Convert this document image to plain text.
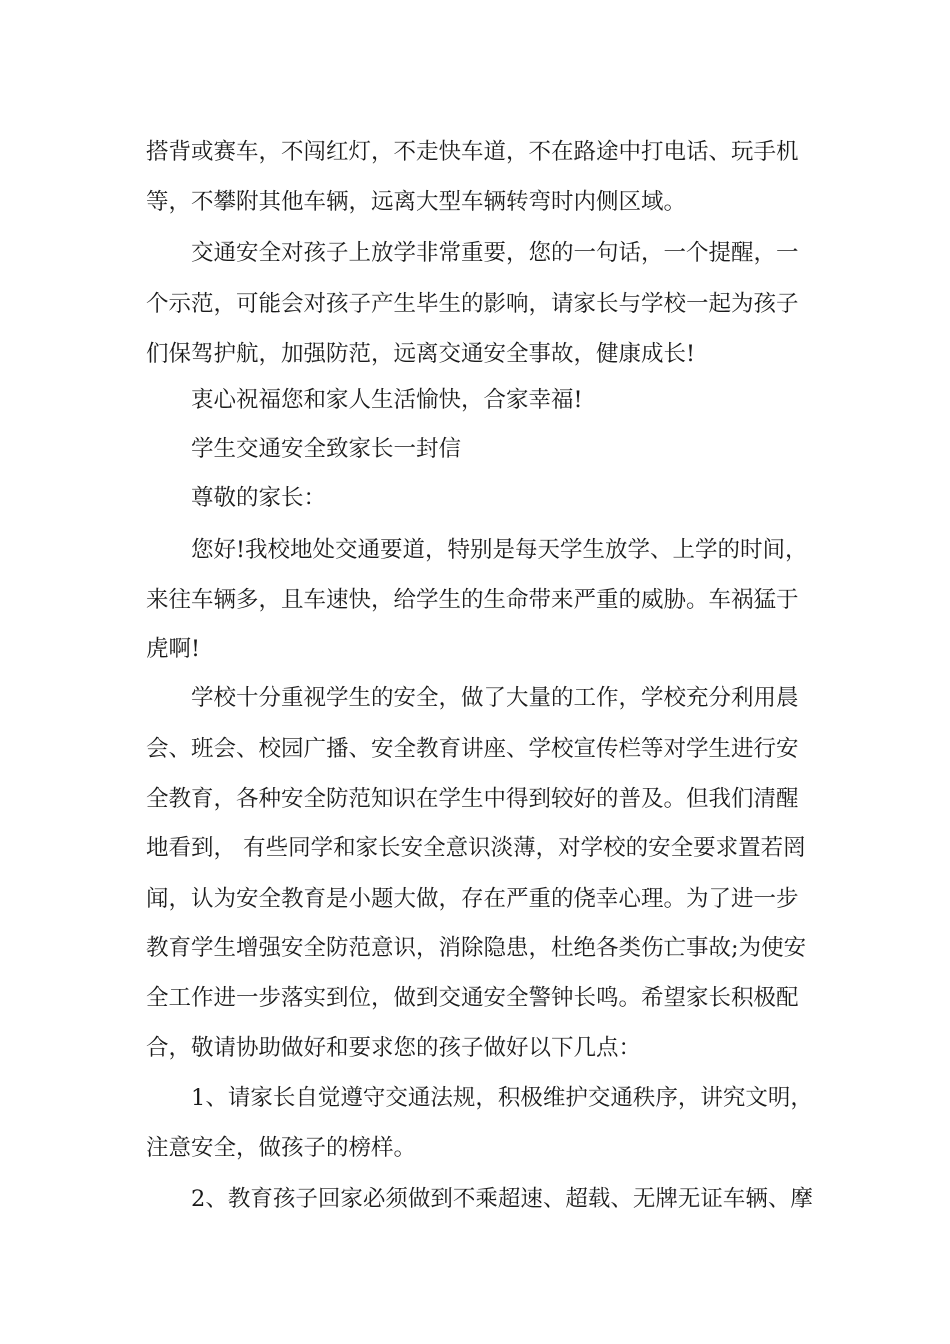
搭背或赛车，不闯红灯，不走快车道，不在路途中打电话、玩手机

等，不攀附其他车辆，远离大型车辆转弯时内侧区域。

交通安全对孩子上放学非常重要，您的一句话，一个提醒，一

个示范，可能会对孩子产生毕生的影响，请家长与学校一起为孩子

们保驾护航，加强防范，远离交通安全事故，健康成长!

衷心祝福您和家人生活愉快，合家幸福!

学生交通安全致家长一封信

尊敬的家长：

您好!我校地处交通要道，特别是每天学生放学、上学的时间，

来往车辆多，且车速快，给学生的生命带来严重的威胁。车祸猛于

虎啊!

学校十分重视学生的安全，做了大量的工作，学校充分利用晨

会、班会、校园广播、安全教育讲座、学校宣传栏等对学生进行安

全教育，各种安全防范知识在学生中得到较好的普及。但我们清醒

地看到， 有些同学和家长安全意识淡薄，对学校的安全要求置若罔

闻，认为安全教育是小题大做，存在严重的侥幸心理。为了进一步

教育学生增强安全防范意识，消除隐患，杜绝各类伤亡事故;为使安

全工作进一步落实到位，做到交通安全警钟长鸣。希望家长积极配

合，敬请协助做好和要求您的孩子做好以下几点：

1、请家长自觉遵守交通法规，积极维护交通秩序，讲究文明，

注意安全，做孩子的榜样。

2、教育孩子回家必须做到不乘超速、超载、无牌无证车辆、摩
